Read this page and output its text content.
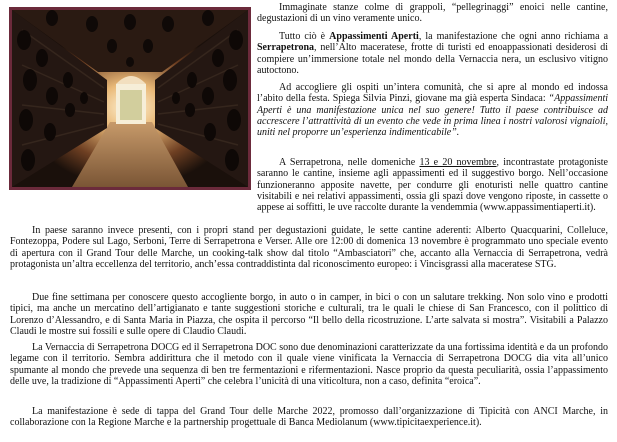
Immaginate stanze colme di grappoli, “pellegrinaggi” enoici nelle cantine, degustazioni di un vino veramente unico.

Tutto ciò è Appassimenti Aperti, la manifestazione che ogni anno richiama a Serrapetrona, nell’Alto maceratese, frotte di turisti ed enoappassionati desiderosi di compiere un’immersione totale nel mondo della Vernaccia nera, un esclusivo vitigno autoctono.

Ad accogliere gli ospiti un’intera comunità, che si apre al mondo ed indossa l’abito della festa. Spiega Silvia Pinzi, giovane ma già esperta Sindaca: “Appassimenti Aperti è una manifestazione unica nel suo genere! Tutto il paese contribuisce ad accrescere l’attrattività di un evento che vede in prima linea i nostri valorosi vignaioli, uniti nel proporre un’esperienza indimenticabile”.

A Serrapetrona, nelle domeniche 13 e 20 novembre, incontrastate protagoniste saranno le cantine, insieme agli appassimenti ed il suggestivo borgo. Nell’occasione funzioneranno apposite navette, per condurre gli enoturisti nelle quattro cantine visitabili e nei relativi appassimenti, ossia gli spazi dove vengono riposte, in cassette o appese ai soffitti, le uve raccolte durante la vendemmia (www.appassimentiaperti.it).

In paese saranno invece presenti, con i propri stand per degustazioni guidate, le sette cantine aderenti: Alberto Quacquarini, Colleluce, Fontezoppa, Podere sul Lago, Serboni, Terre di Serrapetrona e Verser. Alle ore 12:00 di domenica 13 novembre è programmato uno speciale evento di apertura con il Grand Tour delle Marche, un cooking-talk show dal titolo “Ambasciatori” che, accanto alla Vernaccia di Serrapetrona, vedrà protagonista un’altra eccellenza del territorio, anch’essa contraddistinta dal riconoscimento europeo: i Vincisgrassi alla maceratese STG.

Due fine settimana per conoscere questo accogliente borgo, in auto o in camper, in bici o con un salutare trekking. Non solo vino e prodotti tipici, ma anche un mercatino dell’artigianato e tante suggestioni storiche e culturali, tra le quali le chiese di San Francesco, con il polittico di Lorenzo d’Alessandro, e di Santa Maria in Piazza, che ospita il percorso “Il bello della ricostruzione. L’arte salvata si mostra”. Visitabili a Palazzo Claudi le mostre sui fossili e sulle opere di Claudio Claudi.

La Vernaccia di Serrapetrona DOCG ed il Serrapetrona DOC sono due denominazioni caratterizzate da una fortissima identità e da un profondo legame con il territorio. Sembra addirittura che il metodo con il quale viene vinificata la Vernaccia di Serrapetrona DOCG dia vita all’unico spumante al mondo che prevede una sequenza di ben tre fermentazioni e rifermentazioni. Nasce proprio da questa peculiarità, ossia l’appassimento delle uve, la tradizione di “Appassimenti Aperti” che celebra l’unicità di una viticoltura, non a caso, definita “eroica”.

La manifestazione è sede di tappa del Grand Tour delle Marche 2022, promosso dall’organizzazione di Tipicità con ANCI Marche, in collaborazione con la Regione Marche e la partnership progettuale di Banca Mediolanum (www.tipicitaexperience.it).
